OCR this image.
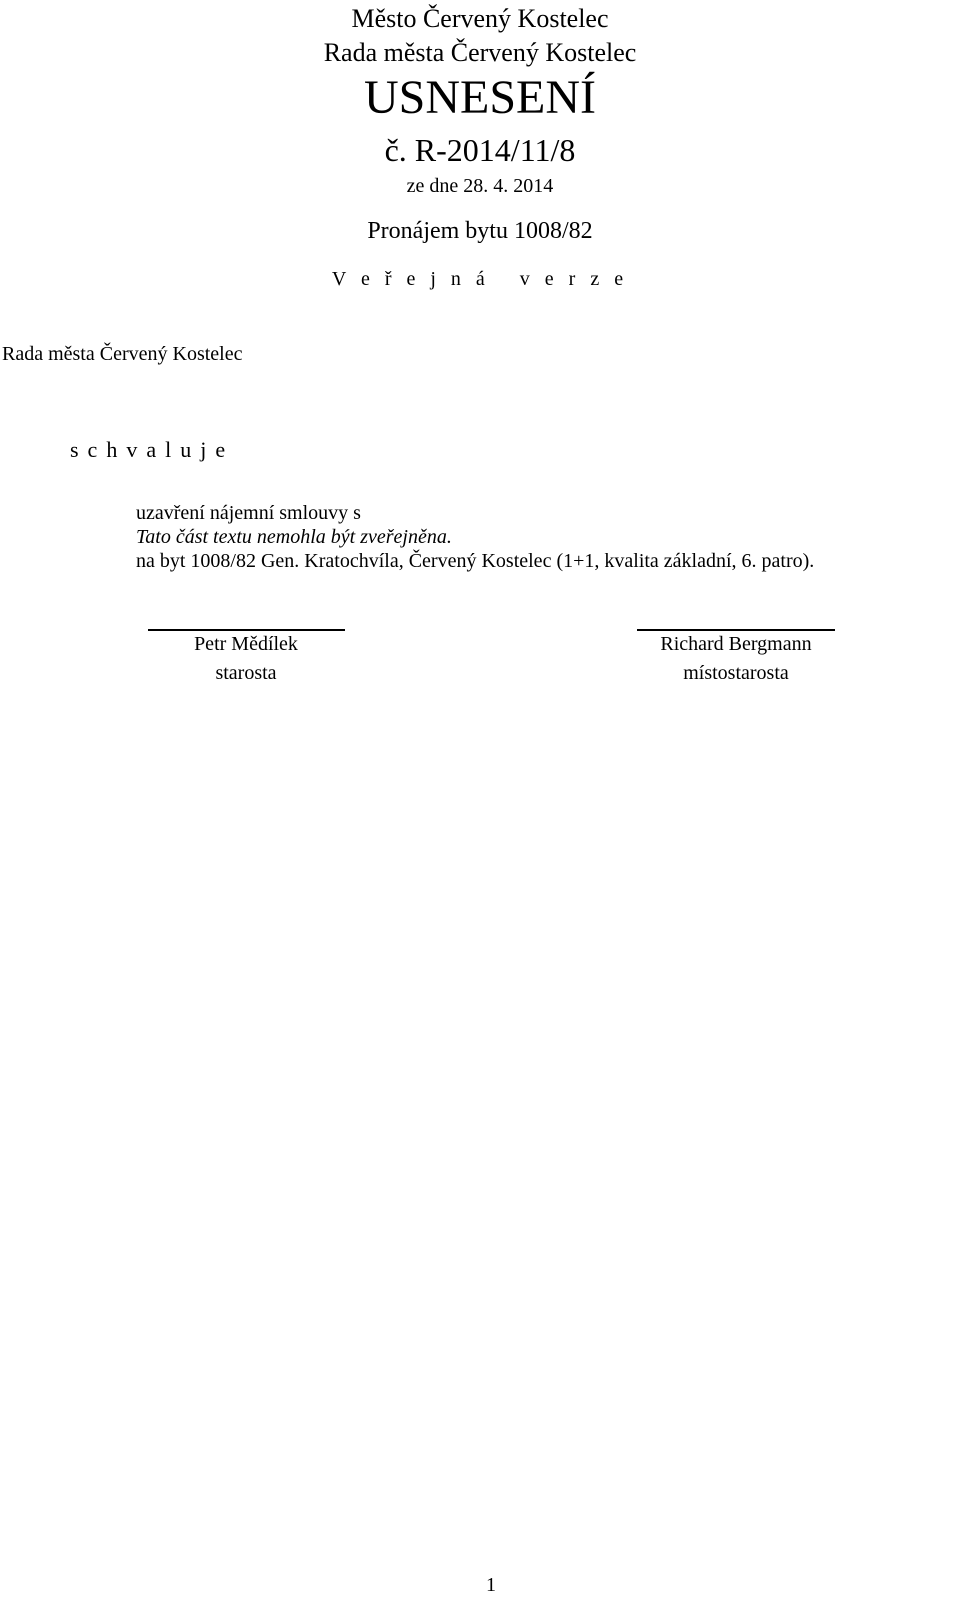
Město Červený Kostelec
Rada města Červený Kostelec
USNESENÍ
č. R-2014/11/8
ze dne 28. 4. 2014
Pronájem bytu 1008/82
V e ř e j n á   v e r z e
Rada města Červený Kostelec
schvaluje
uzavření nájemní smlouvy s
Tato část textu nemohla být zveřejněna.
na byt 1008/82 Gen. Kratochvíla, Červený Kostelec (1+1, kvalita základní, 6. patro).
Petr Mědílek
starosta
Richard Bergmann
místostarosta
1
